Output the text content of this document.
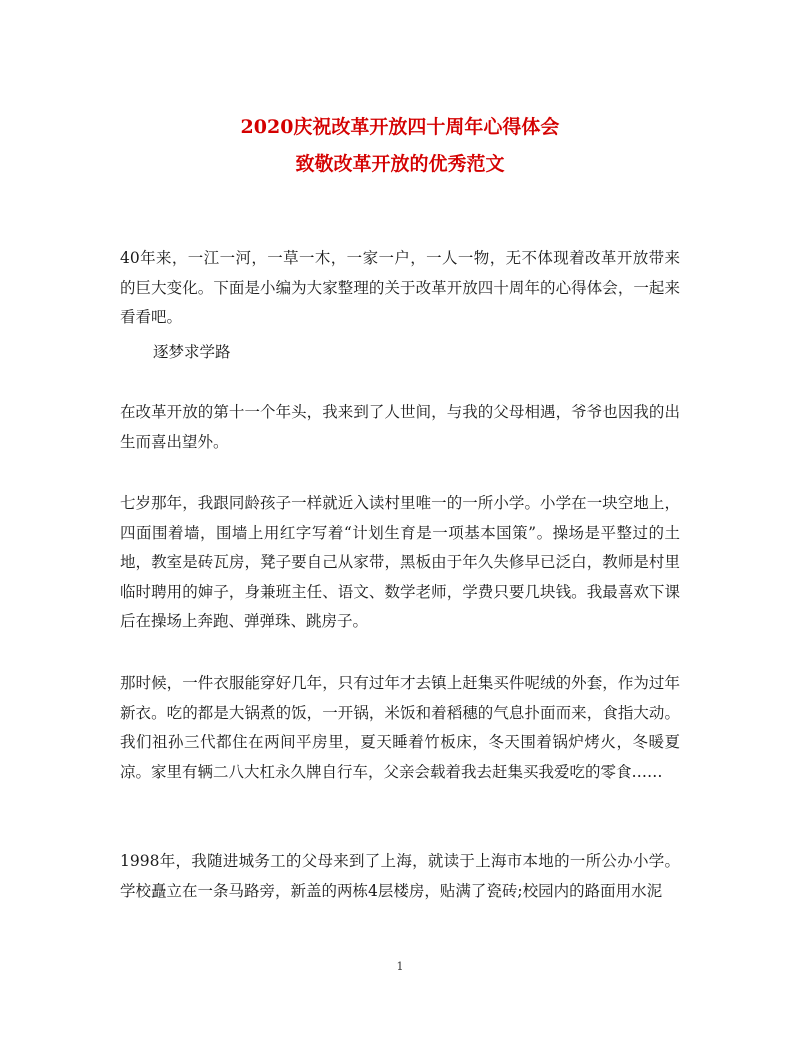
2020庆祝改革开放四十周年心得体会
致敬改革开放的优秀范文

40年来，一江一河，一草一木，一家一户，一人一物，无不体现着改革开放带来的巨大变化。下面是小编为大家整理的关于改革开放四十周年的心得体会，一起来看看吧。

逐梦求学路

在改革开放的第十一个年头，我来到了人世间，与我的父母相遇，爷爷也因我的出生而喜出望外。

七岁那年，我跟同龄孩子一样就近入读村里唯一的一所小学。小学在一块空地上，四面围着墙，围墙上用红字写着“计划生育是一项基本国策”。操场是平整过的土地，教室是砖瓦房，凳子要自己从家带，黑板由于年久失修早已泛白，教师是村里临时聘用的婶子，身兼班主任、语文、数学老师，学费只要几块钱。我最喜欢下课后在操场上奔跑、弹弹珠、跳房子。

那时候，一件衣服能穿好几年，只有过年才去镇上赶集买件呢绒的外套，作为过年新衣。吃的都是大锅煮的饭，一开锅，米饭和着稻穗的气息扑面而来，食指大动。我们祖孙三代都住在两间平房里，夏天睡着竹板床，冬天围着锅炉烤火，冬暖夏凉。家里有辆二八大杠永久牌自行车，父亲会载着我去赶集买我爱吃的零食……

1998年，我随进城务工的父母来到了上海，就读于上海市本地的一所公办小学。学校矗立在一条马路旁，新盖的两栋4层楼房，贴满了瓷砖;校园内的路面用水泥

1
